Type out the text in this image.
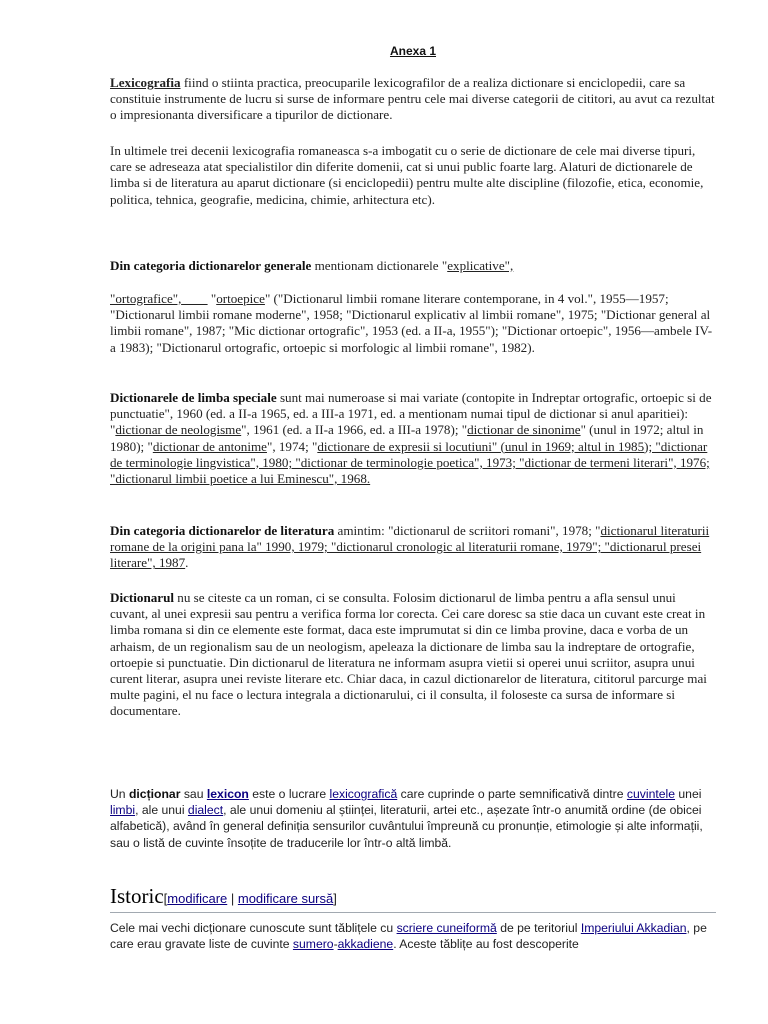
Anexa 1

Lexicografia fiind o stiinta practica, preocuparile lexicografilor de a realiza dictionare si enciclopedii, care sa constituie instrumente de lucru si surse de informare pentru cele mai diverse categorii de cititori, au avut ca rezultat o impresionanta diversificare a tipurilor de dictionare.

In ultimele trei decenii lexicografia romaneasca s-a imbogatit cu o serie de dictionare de cele mai diverse tipuri, care se adreseaza atat specialistilor din diferite domenii, cat si unui public foarte larg. Alaturi de dictionarele de limba si de literatura au aparut dictionare (si enciclopedii) pentru multe alte discipline (filozofie, etica, economie, politica, tehnica, geografie, medicina, chimie, arhitectura etc).

Din categoria dictionarelor generale mentionam dictionarele "explicative",

"ortografice",         "ortoepice" ("Dictionarul limbii romane literare contemporane, in 4 vol.", 1955—1957; "Dictionarul limbii romane moderne", 1958; "Dictionarul explicativ al limbii romane", 1975; "Dictionar general al limbii romane", 1987; "Mic dictionar ortografic", 1953 (ed. a II-a, 1955"); "Dictionar ortoepic", 1956—ambele IV-a 1983); "Dictionarul ortografic, ortoepic si morfologic al limbii romane", 1982).

Dictionarele de limba speciale sunt mai numeroase si mai variate (contopite in Indreptar ortografic, ortoepic si de punctuatie", 1960 (ed. a II-a 1965, ed. a III-a 1971, ed. a mentionam numai tipul de dictionar si anul aparitiei): "dictionar de neologisme", 1961 (ed. a II-a 1966, ed. a III-a 1978); "dictionar de sinonime" (unul in 1972; altul in 1980); "dictionar de antonime", 1974; "dictionare de expresii si locutiuni" (unul in 1969; altul in 1985); "dictionar de terminologie lingvistica", 1980; "dictionar de terminologie poetica", 1973; "dictionar de termeni literari", 1976; "dictionarul limbii poetice a lui Eminescu", 1968.

Din categoria dictionarelor de literatura amintim: "dictionarul de scriitori romani", 1978; "dictionarul literaturii romane de la origini pana la" 1990, 1979; "dictionarul cronologic al literaturii romane, 1979"; "dictionarul presei literare", 1987.

Dictionarul nu se citeste ca un roman, ci se consulta. Folosim dictionarul de limba pentru a afla sensul unui cuvant, al unei expresii sau pentru a verifica forma lor corecta. Cei care doresc sa stie daca un cuvant este creat in limba romana si din ce elemente este format, daca este imprumutat si din ce limba provine, daca e vorba de un arhaism, de un regionalism sau de un neologism, apeleaza la dictionare de limba sau la indreptare de ortografie, ortoepie si punctuatie. Din dictionarul de literatura ne informam asupra vietii si operei unui scriitor, asupra unui curent literar, asupra unei reviste literare etc. Chiar daca, in cazul dictionarelor de literatura, cititorul parcurge mai multe pagini, el nu face o lectura integrala a dictionarului, ci il consulta, il foloseste ca sursa de informare si documentare.

Un dicționar sau lexicon este o lucrare lexicografică care cuprinde o parte semnificativă dintre cuvintele unei limbi, ale unui dialect, ale unui domeniu al științei, literaturii, artei etc., așezate într-o anumită ordine (de obicei alfabetică), având în general definiția sensurilor cuvântului împreună cu pronunție, etimologie și alte informații, sau o listă de cuvinte însoțite de traducerile lor într-o altă limbă.

Istoric[modificare | modificare sursă]

Cele mai vechi dicționare cunoscute sunt tăblițele cu scriere cuneiformă de pe teritoriul Imperiului Akkadian, pe care erau gravate liste de cuvinte sumero-akkadiene. Aceste tăblițe au fost descoperite
